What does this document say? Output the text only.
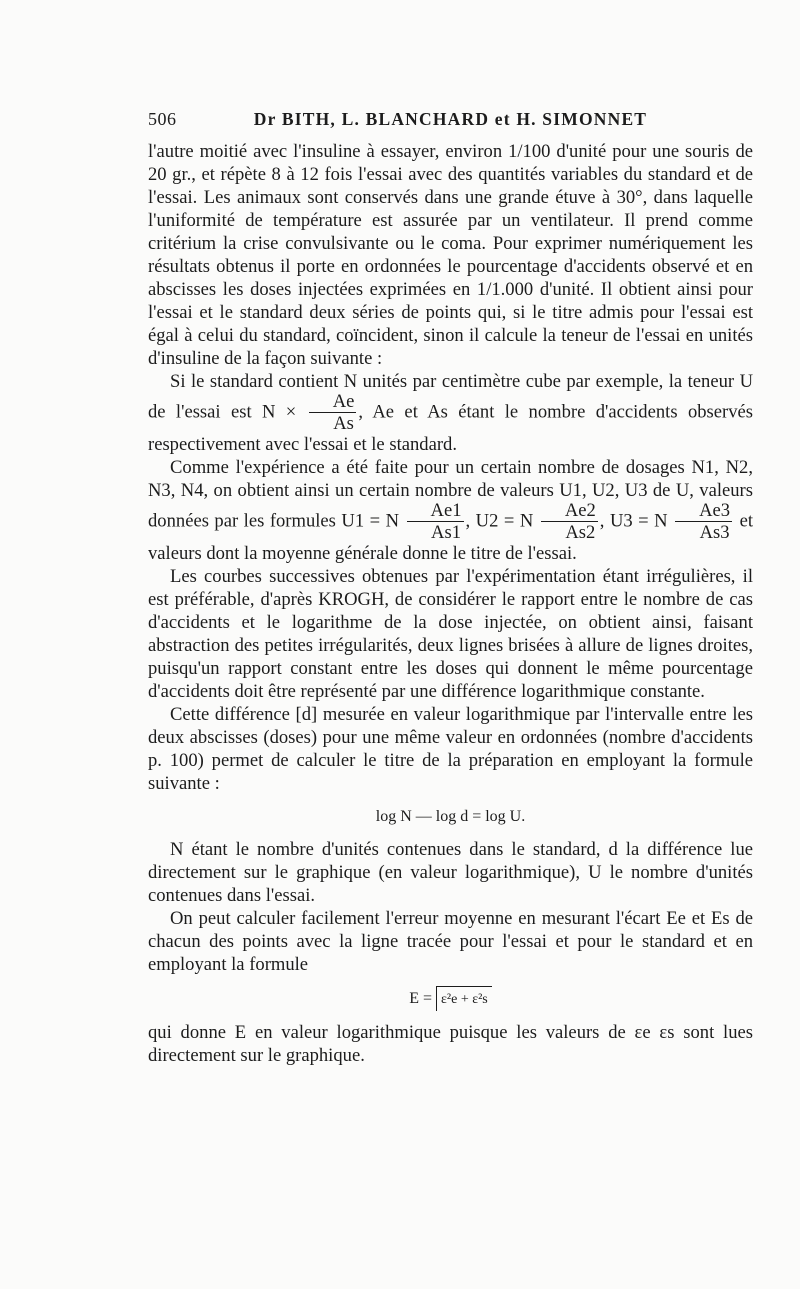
506	Dr BITH, L. BLANCHARD et H. SIMONNET

l'autre moitié avec l'insuline à essayer, environ 1/100 d'unité pour une souris de 20 gr., et répète 8 à 12 fois l'essai avec des quantités variables du standard et de l'essai. Les animaux sont conservés dans une grande étuve à 30°, dans laquelle l'uniformité de température est assurée par un ventilateur. Il prend comme critérium la crise convulsivante ou le coma. Pour exprimer numériquement les résultats obtenus il porte en ordonnées le pourcentage d'accidents observé et en abscisses les doses injectées exprimées en 1/1.000 d'unité. Il obtient ainsi pour l'essai et le standard deux séries de points qui, si le titre admis pour l'essai est égal à celui du standard, coïncident, sinon il calcule la teneur de l'essai en unités d'insuline de la façon suivante :

Si le standard contient N unités par centimètre cube par exemple, la teneur U de l'essai est $N \times \frac{Ae}{As}$ , Ae et As étant le nombre d'accidents observés respectivement avec l'essai et le standard.

Comme l'expérience a été faite pour un certain nombre de dosages N1, N2, N3, N4, on obtient ainsi un certain nombre de valeurs U1, U2, U3 de U, valeurs données par les formules U1 = N $\frac{Ae1}{As1}$ , U2 = N $\frac{Ae2}{As2}$ , U3 = N $\frac{Ae3}{As3}$ et valeurs dont la moyenne générale donne le titre de l'essai.

Les courbes successives obtenues par l'expérimentation étant irrégulières, il est préférable, d'après KROGH, de considérer le rapport entre le nombre de cas d'accidents et le logarithme de la dose injectée, on obtient ainsi, faisant abstraction des petites irrégularités, deux lignes brisées à allure de lignes droites, puisqu'un rapport constant entre les doses qui donnent le même pourcentage d'accidents doit être représenté par une différence logarithmique constante.

Cette différence [d] mesurée en valeur logarithmique par l'intervalle entre les deux abscisses (doses) pour une même valeur en ordonnées (nombre d'accidents p. 100) permet de calculer le titre de la préparation en employant la formule suivante :

log N — log d = log U.

N étant le nombre d'unités contenues dans le standard, d la différence lue directement sur le graphique (en valeur logarithmique), U le nombre d'unités contenues dans l'essai.

On peut calculer facilement l'erreur moyenne en mesurant l'écart Ee et Es de chacun des points avec la ligne tracée pour l'essai et pour le standard et en employant la formule

E = ε²e + ε²s

qui donne E en valeur logarithmique puisque les valeurs de εe εs sont lues directement sur le graphique.
